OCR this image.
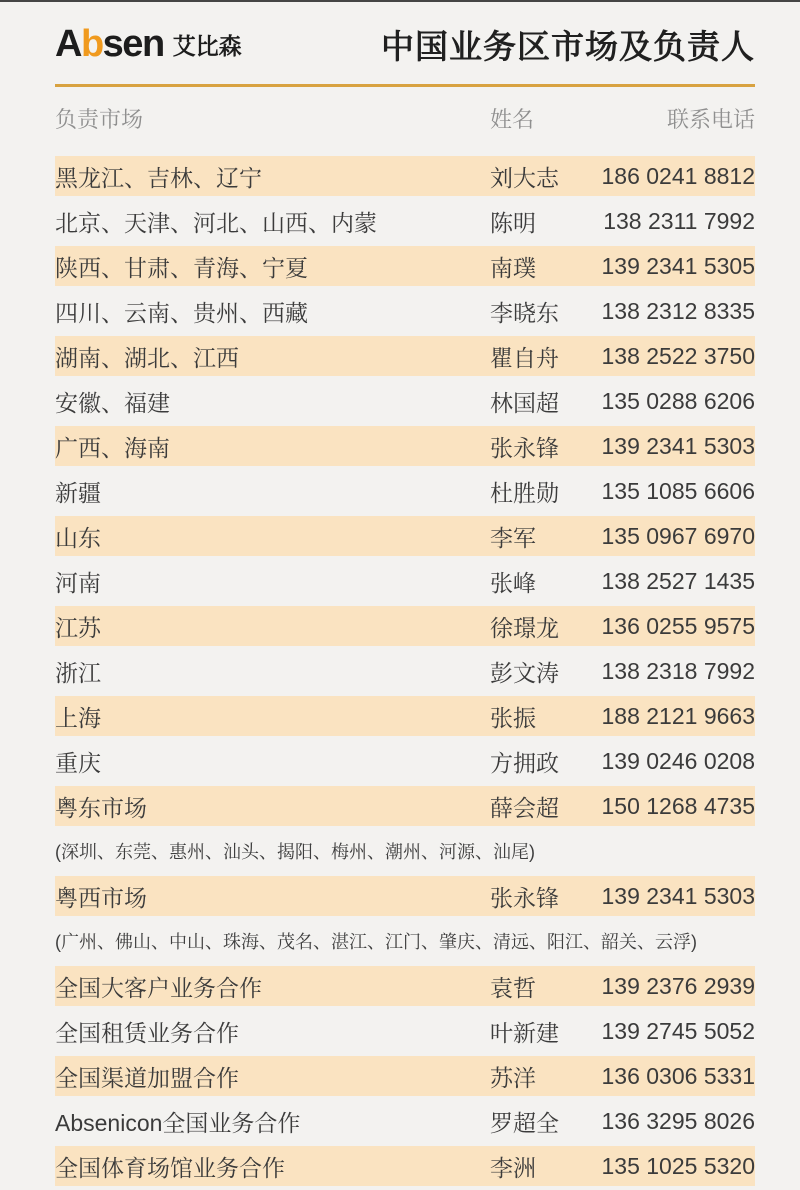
Absen 艾比森	中国业务区市场及负责人
负责市场	姓名	联系电话
黑龙江、吉林、辽宁	刘大志	186 0241 8812
北京、天津、河北、山西、内蒙	陈明	138 2311 7992
陕西、甘肃、青海、宁夏	南璞	139 2341 5305
四川、云南、贵州、西藏	李晓东	138 2312 8335
湖南、湖北、江西	瞿自舟	138 2522 3750
安徽、福建	林国超	135 0288 6206
广西、海南	张永锋	139 2341 5303
新疆	杜胜勋	135 1085 6606
山东	李军	135 0967 6970
河南	张峰	138 2527 1435
江苏	徐璟龙	136 0255 9575
浙江	彭文涛	138 2318 7992
上海	张振	188 2121 9663
重庆	方拥政	139 0246 0208
粤东市场	薛会超	150 1268 4735
(深圳、东莞、惠州、汕头、揭阳、梅州、潮州、河源、汕尾)
粤西市场	张永锋	139 2341 5303
(广州、佛山、中山、珠海、茂名、湛江、江门、肇庆、清远、阳江、韶关、云浮)
全国大客户业务合作	袁哲	139 2376 2939
全国租赁业务合作	叶新建	139 2745 5052
全国渠道加盟合作	苏洋	136 0306 5331
Absenicon全国业务合作	罗超全	136 3295 8026
全国体育场馆业务合作	李洲	135 1025 5320
